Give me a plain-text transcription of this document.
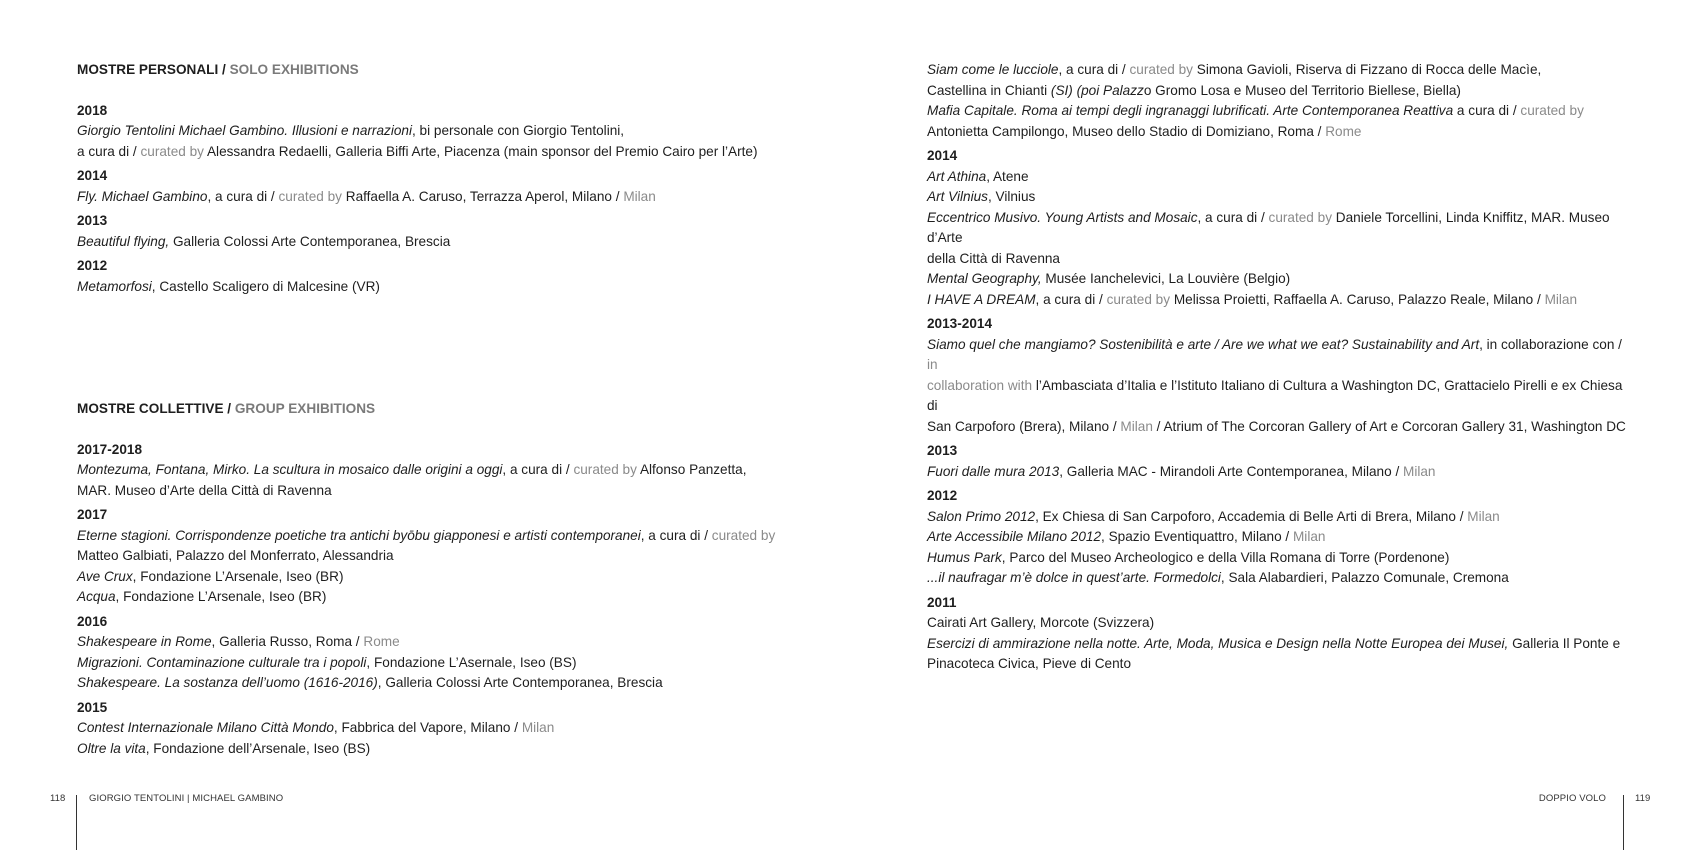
MOSTRE PERSONALI / SOLO EXHIBITIONS
2018
Giorgio Tentolini Michael Gambino. Illusioni e narrazioni, bi personale con Giorgio Tentolini,
a cura di / curated by Alessandra Redaelli, Galleria Biffi Arte, Piacenza (main sponsor del Premio Cairo per l’Arte)
2014
Fly. Michael Gambino, a cura di / curated by Raffaella A. Caruso, Terrazza Aperol, Milano / Milan
2013
Beautiful flying, Galleria Colossi Arte Contemporanea, Brescia
2012
Metamorfosi, Castello Scaligero di Malcesine (VR)
MOSTRE COLLETTIVE / GROUP EXHIBITIONS
2017-2018
Montezuma, Fontana, Mirko. La scultura in mosaico dalle origini a oggi, a cura di / curated by Alfonso Panzetta,
MAR. Museo d’Arte della Città di Ravenna
2017
Eterne stagioni. Corrispondenze poetiche tra antichi byōbu giapponesi e artisti contemporanei, a cura di / curated by
Matteo Galbiati, Palazzo del Monferrato, Alessandria
Ave Crux, Fondazione L’Arsenale, Iseo (BR)
Acqua, Fondazione L’Arsenale, Iseo (BR)
2016
Shakespeare in Rome, Galleria Russo, Roma / Rome
Migrazioni. Contaminazione culturale tra i popoli, Fondazione L’Asernale, Iseo (BS)
Shakespeare. La sostanza dell’uomo (1616-2016), Galleria Colossi Arte Contemporanea, Brescia
2015
Contest Internazionale Milano Città Mondo, Fabbrica del Vapore, Milano / Milan
Oltre la vita, Fondazione dell’Arsenale, Iseo (BS)
118 GIORGIO TENTOLINI | MICHAEL GAMBINO
Siam come le lucciole, a cura di / curated by Simona Gavioli, Riserva di Fizzano di Rocca delle Macìe,
Castellina in Chianti (SI) (poi Palazzo Gromo Losa e Museo del Territorio Biellese, Biella)
Mafia Capitale. Roma ai tempi degli ingranaggi lubrificati. Arte Contemporanea Reattiva a cura di / curated by
Antonietta Campilongo, Museo dello Stadio di Domiziano, Roma / Rome
2014
Art Athina, Atene
Art Vilnius, Vilnius
Eccentrico Musivo. Young Artists and Mosaic, a cura di / curated by Daniele Torcellini, Linda Kniffitz, MAR. Museo d’Arte
della Città di Ravenna
Mental Geography, Musée Ianchelevici, La Louvière (Belgio)
I HAVE A DREAM, a cura di / curated by Melissa Proietti, Raffaella A. Caruso, Palazzo Reale, Milano / Milan
2013-2014
Siamo quel che mangiamo? Sostenibilità e arte / Are we what we eat? Sustainability and Art, in collaborazione con / in
collaboration with l’Ambasciata d’Italia e l’Istituto Italiano di Cultura a Washington DC, Grattacielo Pirelli e ex Chiesa di
San Carpoforo (Brera), Milano / Milan / Atrium of The Corcoran Gallery of Art e Corcoran Gallery 31, Washington DC
2013
Fuori dalle mura 2013, Galleria MAC - Mirandoli Arte Contemporanea, Milano / Milan
2012
Salon Primo 2012, Ex Chiesa di San Carpoforo, Accademia di Belle Arti di Brera, Milano / Milan
Arte Accessibile Milano 2012, Spazio Eventiquattro, Milano / Milan
Humus Park, Parco del Museo Archeologico e della Villa Romana di Torre (Pordenone)
...il naufragar m’è dolce in quest’arte. Formedolci, Sala Alabardieri, Palazzo Comunale, Cremona
2011
Cairati Art Gallery, Morcote (Svizzera)
Esercizi di ammirazione nella notte. Arte, Moda, Musica e Design nella Notte Europea dei Musei, Galleria Il Ponte e
Pinacoteca Civica, Pieve di Cento
DOPPIO VOLO	119
